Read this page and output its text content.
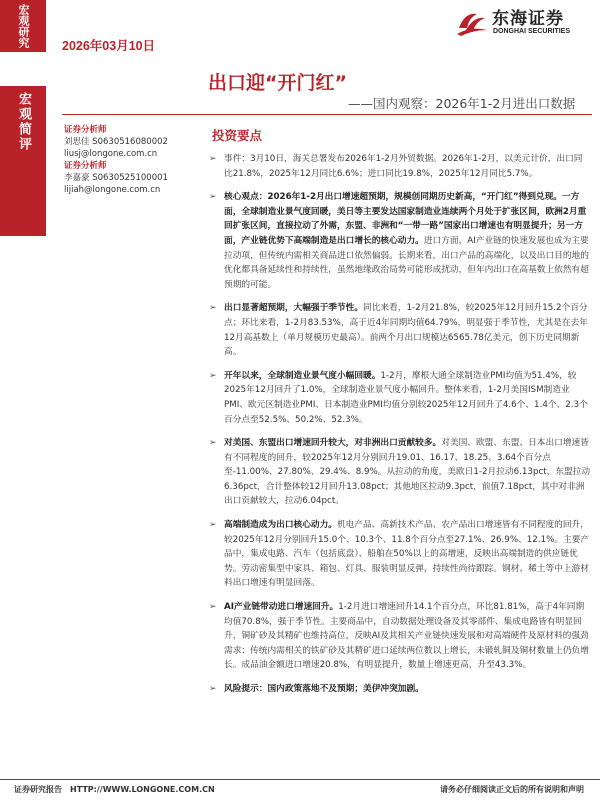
宏观研究
宏观简评
2026年03月10日
东海证券
DONGHAI SECURITIES
出口迎“开门红”
——国内观察：2026年1-2月进出口数据
证券分析师
刘思佳 S0630516080002
liusj@longone.com.cn
证券分析师
李嘉豪 S0630525100001
lijiah@longone.com.cn
投资要点
➢ 事件：3月10日，海关总署发布2026年1-2月外贸数据。2026年1-2月，以美元计价，出口同比21.8%，2025年12月同比6.6%；进口同比19.8%，2025年12月同比5.7%。
➢ 核心观点：2026年1-2月出口增速超预期，规模创同期历史新高，“开门红”得到兑现。一方面，全球制造业景气度回暖，美日等主要发达国家制造业连续两个月处于扩张区间，欧洲2月重回扩张区间，直接拉动了外需，东盟、非洲和“一带一路”国家出口增速也有明显提升；另一方面，产业链优势下高端制造是出口增长的核心动力。进口方面，AI产业链的快速发展也成为主要拉动项，但传统内需相关商品进口依然偏弱。长期来看，出口产品的高端化，以及出口目的地的优化都具备延续性和持续性，虽然地缘政治局势可能形成扰动，但年内出口在高基数上依然有超预期的可能。
➢ 出口显著超预期，大幅强于季节性。同比来看，1-2月21.8%，较2025年12月回升15.2个百分点；环比来看，1-2月83.53%，高于近4年同期均值64.79%，明显强于季节性，尤其是在去年12月高基数上（单月规模历史最高）。前两个月出口规模达6565.78亿美元，创下历史同期新高。
➢ 开年以来，全球制造业景气度小幅回暖。1-2月，摩根大通全球制造业PMI均值为51.4%，较2025年12月回升了1.0%，全球制造业景气度小幅回升。整体来看，1-2月美国ISM制造业PMI、欧元区制造业PMI、日本制造业PMI均值分别较2025年12月回升了4.6个、1.4个、2.3个百分点至52.5%、50.2%、52.3%。
➢ 对美国、东盟出口增速回升较大，对非洲出口贡献较多。对美国、欧盟、东盟、日本出口增速皆有不同程度的回升，较2025年12月分别回升19.01、16.17、18.25、3.64个百分点至-11.00%、27.80%、29.4%、8.9%。从拉动的角度，美欧日1-2月拉动6.13pct，东盟拉动6.36pct，合计整体较12月回升13.08pct；其他地区拉动9.3pct，前值7.18pct，其中对非洲出口贡献较大，拉动6.04pct。
➢ 高端制造成为出口核心动力。机电产品、高新技术产品、农产品出口增速皆有不同程度的回升，较2025年12月分别回升15.0个、10.3个、11.8个百分点至27.1%、26.9%、12.1%。主要产品中，集成电路、汽车（包括底盘）、船舶在50%以上的高增速，反映出高端制造的供应链优势。劳动密集型中家具、箱包、灯具、服装明显反弹，持续性尚待跟踪。钢材、稀土等中上游材料出口增速有明显回落。
➢ AI产业链带动进口增速回升。1-2月进口增速回升14.1个百分点，环比81.81%，高于4年同期均值70.8%，强于季节性。主要商品中，自动数据处理设备及其零部件、集成电路皆有明显回升，铜矿砂及其精矿也维持高位，反映AI及其相关产业链快速发展和对高端硬件及原材料的强劲需求；传统内需相关的铁矿砂及其精矿进口延续两位数以上增长，未锻轧铜及铜材数量上仍负增长。成品油金额进口增速20.8%，有明显提升，数量上增速更高，升至43.3%。
➢ 风险提示：国内政策落地不及预期；美伊冲突加剧。
证券研究报告　HTTP://WWW.LONGONE.COM.CN	请务必仔细阅读正文后的所有说明和声明
